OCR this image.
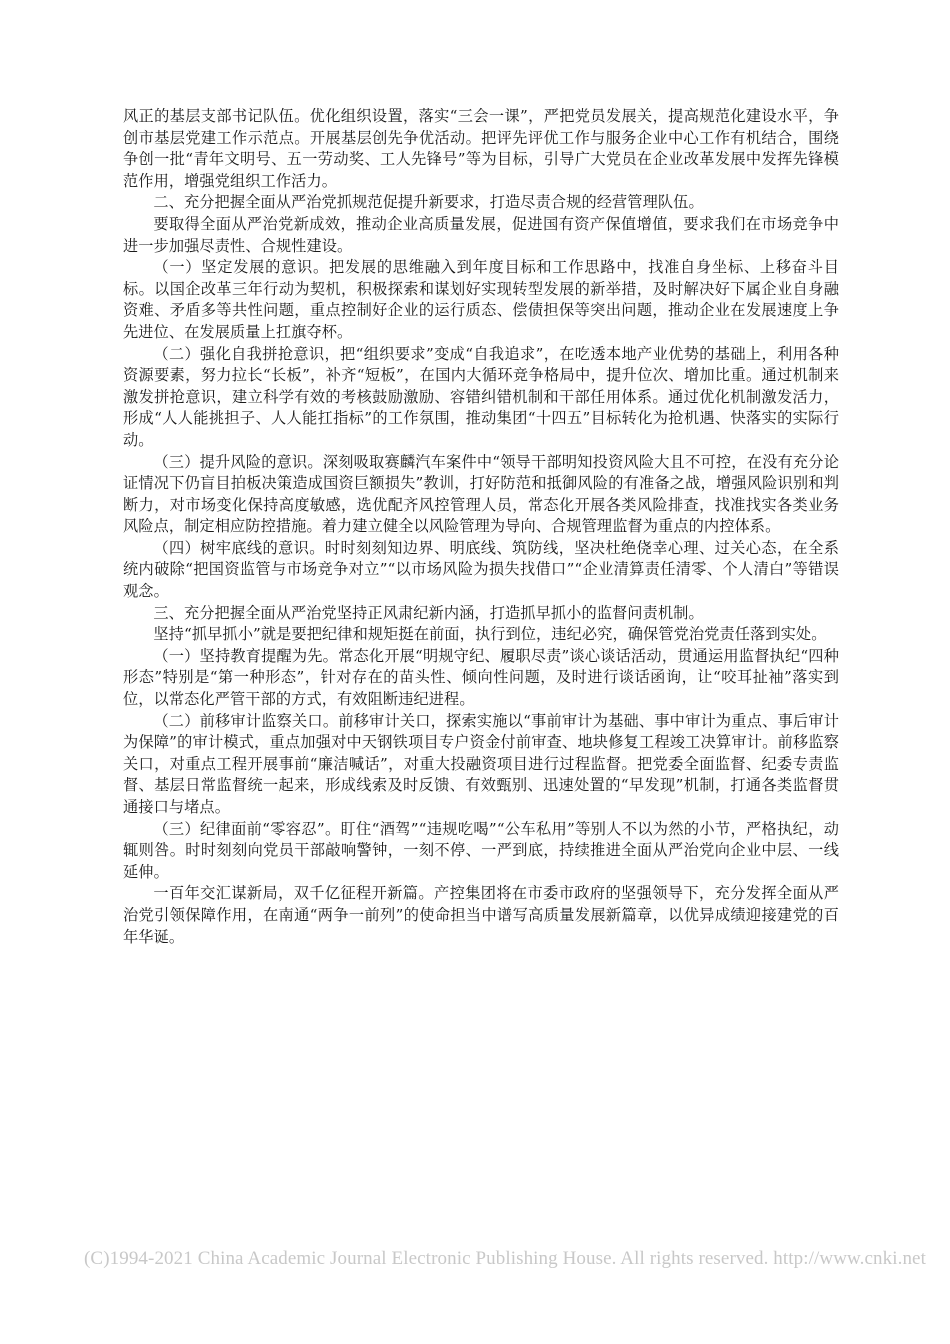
风正的基层支部书记队伍。优化组织设置，落实“三会一课”，严把党员发展关，提高规范化建设水平，争创市基层党建工作示范点。开展基层创先争优活动。把评先评优工作与服务企业中心工作有机结合，围绕争创一批“青年文明号、五一劳动奖、工人先锋号”等为目标，引导广大党员在企业改革发展中发挥先锋模范作用，增强党组织工作活力。

二、充分把握全面从严治党抓规范促提升新要求，打造尽责合规的经营管理队伍。

要取得全面从严治党新成效，推动企业高质量发展，促进国有资产保值增值，要求我们在市场竞争中进一步加强尽责性、合规性建设。

（一）坚定发展的意识。把发展的思维融入到年度目标和工作思路中，找准自身坐标、上移奋斗目标。以国企改革三年行动为契机，积极探索和谋划好实现转型发展的新举措，及时解决好下属企业自身融资难、矛盾多等共性问题，重点控制好企业的运行质态、偿债担保等突出问题，推动企业在发展速度上争先进位、在发展质量上扛旗夺杯。

（二）强化自我拼抢意识，把“组织要求”变成“自我追求”，在吃透本地产业优势的基础上，利用各种资源要素，努力拉长“长板”，补齐“短板”，在国内大循环竞争格局中，提升位次、增加比重。通过机制来激发拼抢意识，建立科学有效的考核鼓励激励、容错纠错机制和干部任用体系。通过优化机制激发活力，形成“人人能挑担子、人人能扛指标”的工作氛围，推动集团“十四五”目标转化为抢机遇、快落实的实际行动。

（三）提升风险的意识。深刻吸取赛麟汽车案件中“领导干部明知投资风险大且不可控，在没有充分论证情况下仍盲目拍板决策造成国资巨额损失”教训，打好防范和抵御风险的有准备之战，增强风险识别和判断力，对市场变化保持高度敏感，选优配齐风控管理人员，常态化开展各类风险排查，找准找实各类业务风险点，制定相应防控措施。着力建立健全以风险管理为导向、合规管理监督为重点的内控体系。

（四）树牢底线的意识。时时刻刻知边界、明底线、筑防线，坚决杜绝侥幸心理、过关心态，在全系统内破除“把国资监管与市场竞争对立”“以市场风险为损失找借口”“企业清算责任清零、个人清白”等错误观念。

三、充分把握全面从严治党坚持正风肃纪新内涵，打造抓早抓小的监督问责机制。

坚持“抓早抓小”就是要把纪律和规矩挺在前面，执行到位，违纪必究，确保管党治党责任落到实处。

（一）坚持教育提醒为先。常态化开展“明规守纪、履职尽责”谈心谈话活动，贯通运用监督执纪“四种形态”特别是“第一种形态”，针对存在的苗头性、倾向性问题，及时进行谈话函询，让“咬耳扯袖”落实到位，以常态化严管干部的方式，有效阻断违纪进程。

（二）前移审计监察关口。前移审计关口，探索实施以“事前审计为基础、事中审计为重点、事后审计为保障”的审计模式，重点加强对中天钢铁项目专户资金付前审查、地块修复工程竣工决算审计。前移监察关口，对重点工程开展事前“廉洁喊话”，对重大投融资项目进行过程监督。把党委全面监督、纪委专责监督、基层日常监督统一起来，形成线索及时反馈、有效甄别、迅速处置的“早发现”机制，打通各类监督贯通接口与堵点。

（三）纪律面前“零容忍”。盯住“酒驾”“违规吃喝”“公车私用”等别人不以为然的小节，严格执纪，动辄则咎。时时刻刻向党员干部敲响警钟，一刻不停、一严到底，持续推进全面从严治党向企业中层、一线延伸。

一百年交汇谋新局，双千亿征程开新篇。产控集团将在市委市政府的坚强领导下，充分发挥全面从严治党引领保障作用，在南通“两争一前列”的使命担当中谱写高质量发展新篇章，以优异成绩迎接建党的百年华诞。

(C)1994-2021 China Academic Journal Electronic Publishing House. All rights reserved. http://www.cnki.net
